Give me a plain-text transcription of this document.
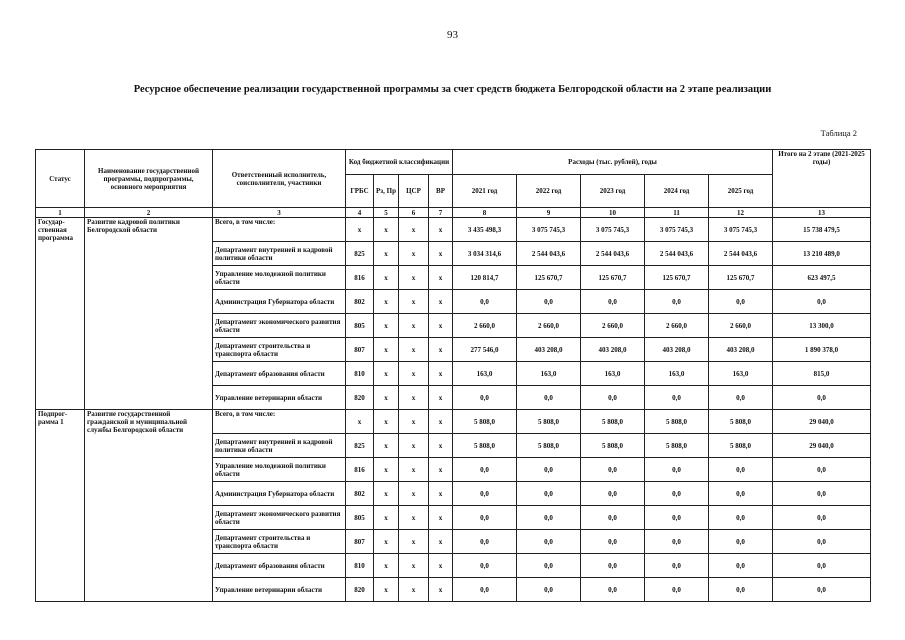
93
Ресурсное обеспечение реализации государственной программы за счет средств бюджета Белгородской области на 2 этапе реализации
Таблица 2
Статус	Наименование государственной программы, подпрограммы, основного мероприятия	Ответственный исполнитель, соисполнители, участники	Код бюджетной классификации				Расходы (тыс. рублей), годы					Итого на 2 этапе (2021-2025 годы)
			ГРБС	Рз, Пр	ЦСР	ВР	2021 год	2022 год	2023 год	2024 год	2025 год	
1	2	3	4	5	6	7	8	9	10	11	12	13
Государ-ственная программа	Развитие кадровой политики Белгородской области	Всего, в том числе:	x	x	x	x	3 435 498,3	3 075 745,3	3 075 745,3	3 075 745,3	3 075 745,3	15 738 479,5
		Департамент внутренней и кадровой политики области	825	x	x	x	3 034 314,6	2 544 043,6	2 544 043,6	2 544 043,6	2 544 043,6	13 210 489,0
		Управление молодежной политики области	816	x	x	x	120 814,7	125 670,7	125 670,7	125 670,7	125 670,7	623 497,5
		Администрация Губернатора области	802	x	x	x	0,0	0,0	0,0	0,0	0,0	0,0
		Департамент экономического развития области	805	x	x	x	2 660,0	2 660,0	2 660,0	2 660,0	2 660,0	13 300,0
		Департамент строительства и транспорта области	807	x	x	x	277 546,0	403 208,0	403 208,0	403 208,0	403 208,0	1 890 378,0
		Департамент образования области	810	x	x	x	163,0	163,0	163,0	163,0	163,0	815,0
		Управление ветеринарии области	820	x	x	x	0,0	0,0	0,0	0,0	0,0	0,0
Подпрог-рамма 1	Развитие государственной гражданской и муниципальной службы Белгородской области	Всего, в том числе:	x	x	x	x	5 808,0	5 808,0	5 808,0	5 808,0	5 808,0	29 040,0
		Департамент внутренней и кадровой политики области	825	x	x	x	5 808,0	5 808,0	5 808,0	5 808,0	5 808,0	29 040,0
		Управление молодежной политики области	816	x	x	x	0,0	0,0	0,0	0,0	0,0	0,0
		Администрация Губернатора области	802	x	x	x	0,0	0,0	0,0	0,0	0,0	0,0
		Департамент экономического развития области	805	x	x	x	0,0	0,0	0,0	0,0	0,0	0,0
		Департамент строительства и транспорта области	807	x	x	x	0,0	0,0	0,0	0,0	0,0	0,0
		Департамент образования области	810	x	x	x	0,0	0,0	0,0	0,0	0,0	0,0
		Управление ветеринарии области	820	x	x	x	0,0	0,0	0,0	0,0	0,0	0,0
